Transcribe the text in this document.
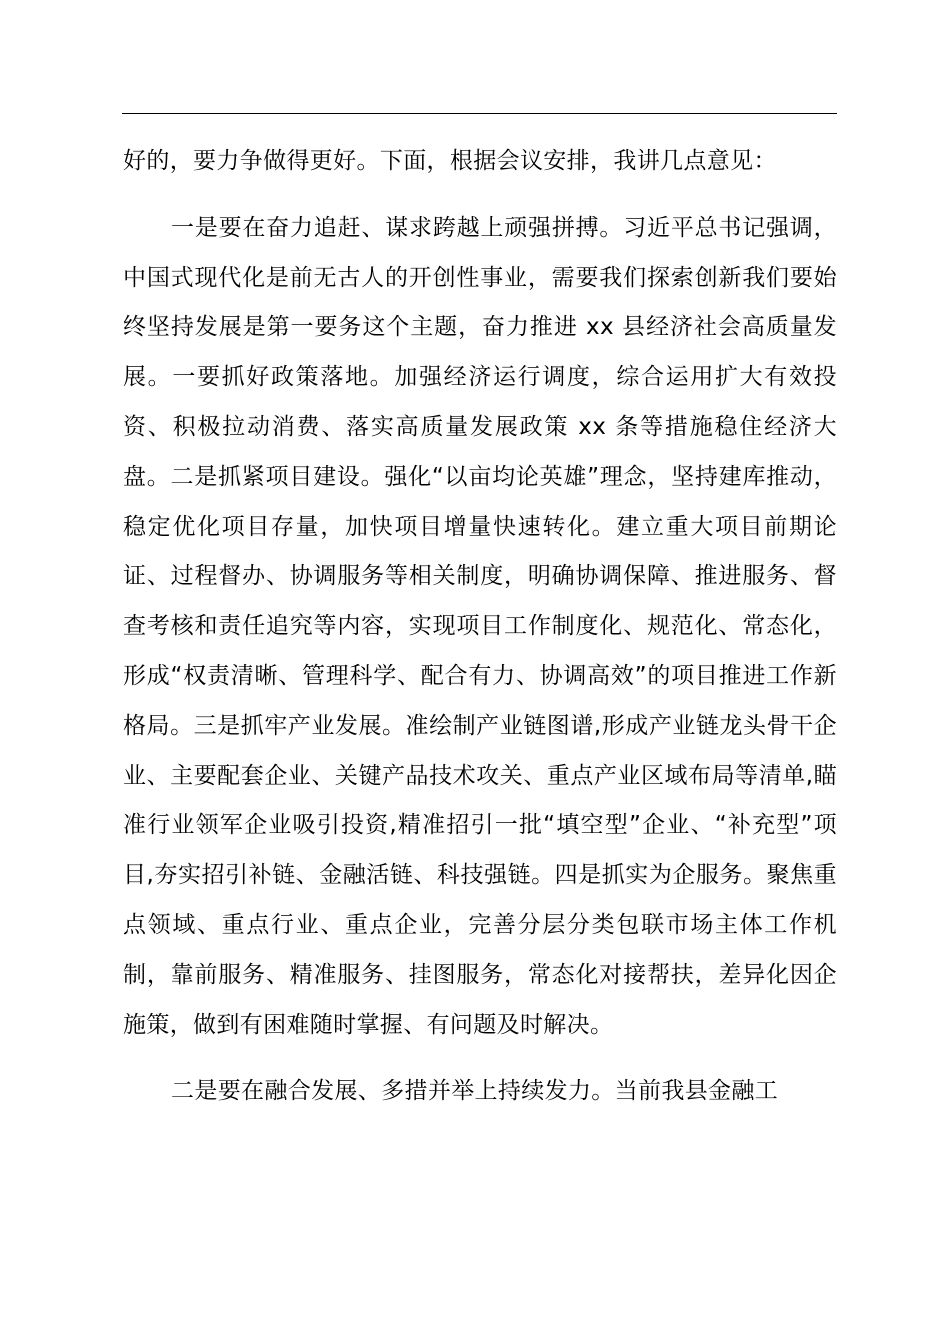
好的，要力争做得更好。下面，根据会议安排，我讲几点意见：

一是要在奋力追赶、谋求跨越上顽强拼搏。习近平总书记强调，中国式现代化是前无古人的开创性事业，需要我们探索创新我们要始终坚持发展是第一要务这个主题，奋力推进 xx 县经济社会高质量发展。一要抓好政策落地。加强经济运行调度，综合运用扩大有效投资、积极拉动消费、落实高质量发展政策 xx 条等措施稳住经济大盘。二是抓紧项目建设。强化“以亩均论英雄”理念，坚持建库推动，稳定优化项目存量，加快项目增量快速转化。建立重大项目前期论证、过程督办、协调服务等相关制度，明确协调保障、推进服务、督查考核和责任追究等内容，实现项目工作制度化、规范化、常态化，形成“权责清晰、管理科学、配合有力、协调高效”的项目推进工作新格局。三是抓牢产业发展。准绘制产业链图谱,形成产业链龙头骨干企业、主要配套企业、关键产品技术攻关、重点产业区域布局等清单,瞄准行业领军企业吸引投资,精准招引一批“填空型”企业、“补充型”项目,夯实招引补链、金融活链、科技强链。四是抓实为企服务。聚焦重点领域、重点行业、重点企业，完善分层分类包联市场主体工作机制，靠前服务、精准服务、挂图服务，常态化对接帮扶，差异化因企施策，做到有困难随时掌握、有问题及时解决。

二是要在融合发展、多措并举上持续发力。当前我县金融工
